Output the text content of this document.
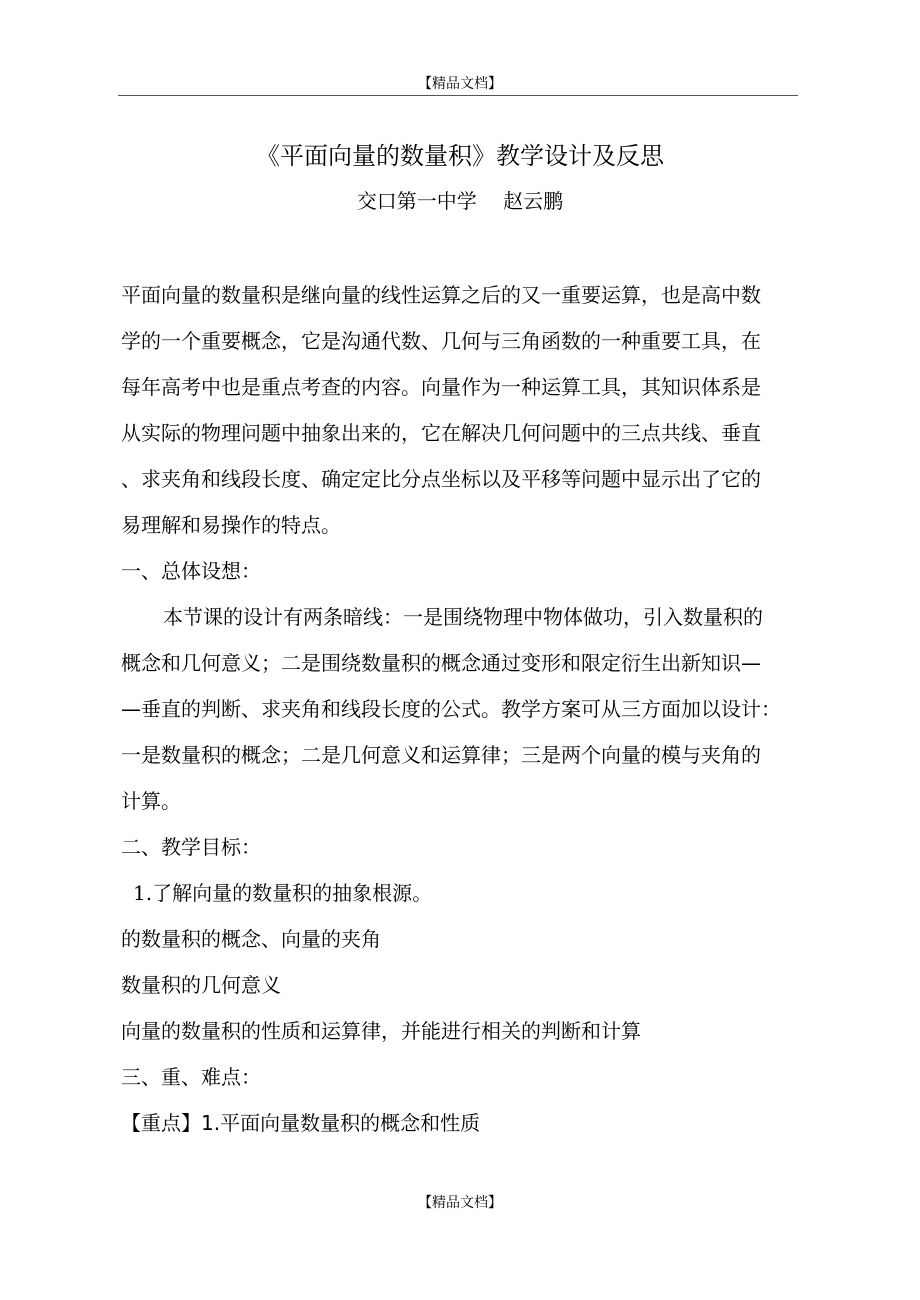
【精品文档】
《平面向量的数量积》教学设计及反思
交口第一中学 赵云鹏

平面向量的数量积是继向量的线性运算之后的又一重要运算，也是高中数

学的一个重要概念，它是沟通代数、几何与三角函数的一种重要工具，在

每年高考中也是重点考查的内容。向量作为一种运算工具，其知识体系是

从实际的物理问题中抽象出来的，它在解决几何问题中的三点共线、垂直

、求夹角和线段长度、确定定比分点坐标以及平移等问题中显示出了它的

易理解和易操作的特点。

一、总体设想：

本节课的设计有两条暗线：一是围绕物理中物体做功，引入数量积的

概念和几何意义；二是围绕数量积的概念通过变形和限定衍生出新知识—

—垂直的判断、求夹角和线段长度的公式。教学方案可从三方面加以设计：

一是数量积的概念；二是几何意义和运算律；三是两个向量的模与夹角的

计算。

二、教学目标：

1.了解向量的数量积的抽象根源。

的数量积的概念、向量的夹角

数量积的几何意义

向量的数量积的性质和运算律，并能进行相关的判断和计算

三、重、难点：

【重点】1.平面向量数量积的概念和性质

【精品文档】
